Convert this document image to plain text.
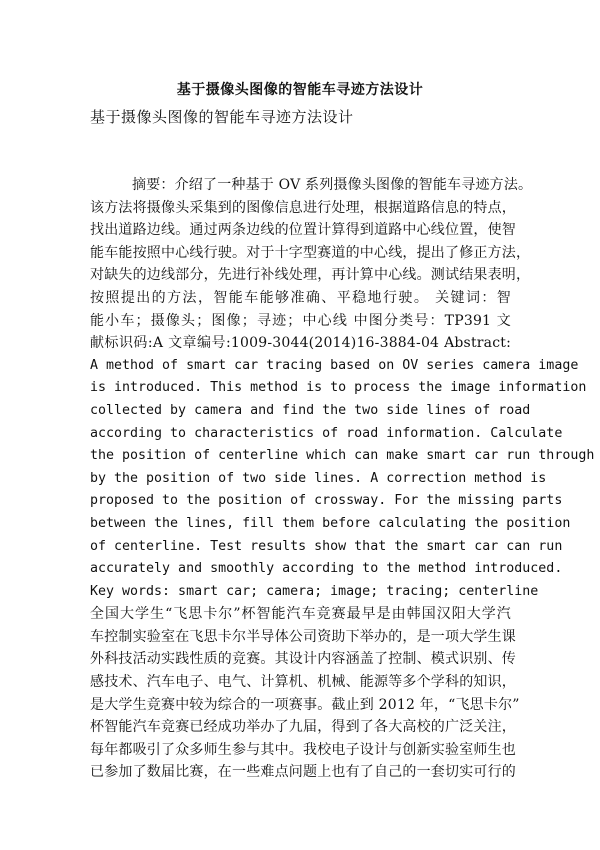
基于摄像头图像的智能车寻迹方法设计
基于摄像头图像的智能车寻迹方法设计
摘要：介绍了一种基于 OV 系列摄像头图像的智能车寻迹方法。
该方法将摄像头采集到的图像信息进行处理，根据道路信息的特点，
找出道路边线。通过两条边线的位置计算得到道路中心线位置，使智
能车能按照中心线行驶。对于十字型赛道的中心线，提出了修正方法，
对缺失的边线部分，先进行补线处理，再计算中心线。测试结果表明，
按照提出的方法，智能车能够准确、平稳地行驶。 关键词：智
能小车；摄像头；图像；寻迹；中心线 中图分类号：TP391 文
献标识码:A 文章编号:1009-3044(2014)16-3884-04 Abstract:
A method of smart car tracing based on OV series camera image
is introduced. This method is to process the image information
collected by camera and find the two side lines of road
according to characteristics of road information. Calculate
the position of centerline which can make smart car run through
by the position of two side lines. A correction method is
proposed to the position of crossway. For the missing parts
between the lines, fill them before calculating the position
of centerline. Test results show that the smart car can run
accurately and smoothly according to the method introduced.
Key words: smart car; camera; image; tracing; centerline
全国大学生“飞思卡尔”杯智能汽车竞赛最早是由韩国汉阳大学汽
车控制实验室在飞思卡尔半导体公司资助下举办的，是一项大学生课
外科技活动实践性质的竞赛。其设计内容涵盖了控制、模式识别、传
感技术、汽车电子、电气、计算机、机械、能源等多个学科的知识，
是大学生竞赛中较为综合的一项赛事。截止到 2012 年，“飞思卡尔”
杯智能汽车竞赛已经成功举办了九届，得到了各大高校的广泛关注，
每年都吸引了众多师生参与其中。我校电子设计与创新实验室师生也
已参加了数届比赛，在一些难点问题上也有了自己的一套切实可行的
